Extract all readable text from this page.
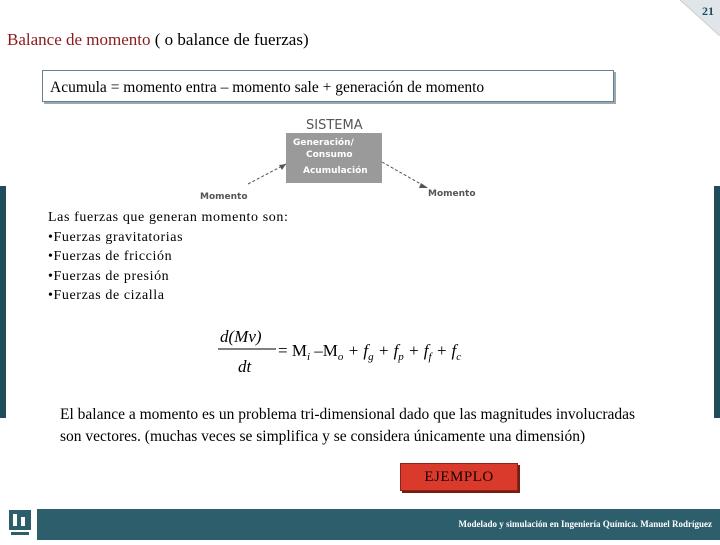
21
Balance de momento ( o balance de fuerzas)
Acumula = momento entra – momento sale + generación de momento
SISTEMA
Generación/
Consumo
Acumulación
Momento	Momento
Las fuerzas que generan momento son:
•Fuerzas gravitatorias
•Fuerzas de fricción
•Fuerzas de presión
•Fuerzas de cizalla
d(Mv)
dt
= $M_i$ $-M_o + f_g + f_p + f_f + f_c$
El balance a momento es un problema tri-dimensional dado que las magnitudes involucradas son vectores. (muchas veces se simplifica y se considera únicamente una dimensión)
EJEMPLO
Modelado y simulación en Ingeniería Química. Manuel Rodríguez
